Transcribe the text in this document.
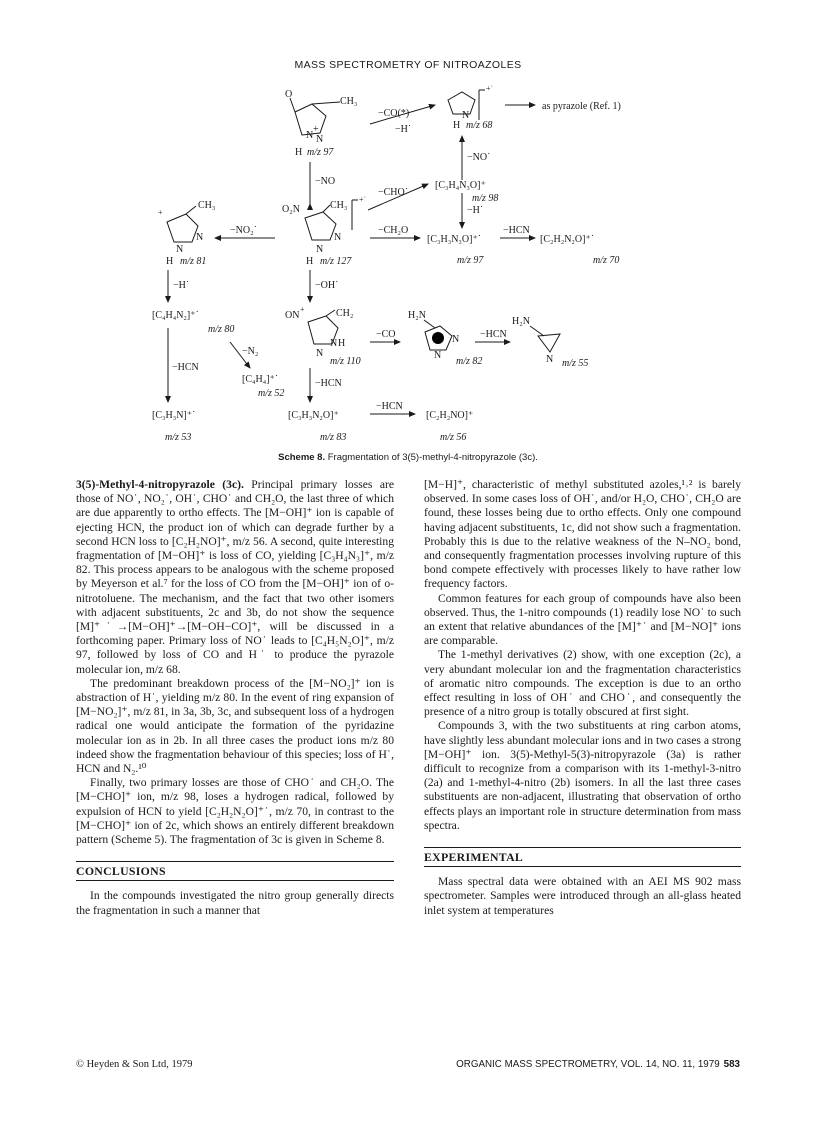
MASS SPECTROMETRY OF NITROAZOLES
O
CH₃
N
+
N
H m/z 97
−CO(*)
−H˙
+˙
N
H m/z 68
as pyrazole (Ref. 1)
−NO˙
−NO	[C₃H₄N₃O]⁺
m/z 98
−H˙
−CHO˙
O₂N	CH₃
+˙
N
N
H m/z 127
+
CH₃
N
N
H m/z 81
−NO₂˙	−CH₂O
[C₃H₃N₃O]⁺˙
−HCN
[C₂H₂N₂O]⁺˙
m/z 97	m/z 70
−H˙	−OH˙
[C₄H₄N₂]⁺˙
m/z 80
ON
+	CH₂
H
N
N
m/z 110
−CO
H₂N
+ N
N
m/z 82
−HCN
H₂N
N m/z 55
−N₂
−HCN
[C₄H₄]⁺˙
m/z 52
−HCN
[C₃H₃N]⁺˙	[C₃H₃N₂O]⁺
−HCN
[C₂H₂NO]⁺
m/z 53	m/z 83	m/z 56
Scheme 8. Fragmentation of 3(5)-methyl-4-nitropyrazole (3c).

3(5)-Methyl-4-nitropyrazole (3c). Principal primary losses are those of NO˙, NO₂˙, OH˙, CHO˙ and CH₂O, the last three of which are due apparently to ortho effects. The [M−OH]⁺ ion is capable of ejecting HCN, the product ion of which can degrade further by a second HCN loss to [C₂H₂NO]⁺, m/z 56. A second, quite interesting fragmentation of [M−OH]⁺ is loss of CO, yielding [C₃H₄N₃]⁺, m/z 82. This process appears to be analogous with the scheme proposed by Meyerson et al.⁷ for the loss of CO from the [M−OH]⁺ ion of o-nitrotoluene. The mechanism, and the fact that two other isomers with adjacent substituents, 2c and 3b, do not show the sequence [M]⁺˙→[M−OH]⁺→[M−OH−CO]⁺, will be discussed in a forthcoming paper. Primary loss of NO˙ leads to [C₄H₅N₂O]⁺, m/z 97, followed by loss of CO and H˙ to produce the pyrazole molecular ion, m/z 68.

The predominant breakdown process of the [M−NO₂]⁺ ion is abstraction of H˙, yielding m/z 80. In the event of ring expansion of [M−NO₂]⁺, m/z 81, in 3a, 3b, 3c, and subsequent loss of a hydrogen radical one would anticipate the formation of the pyridazine molecular ion as in 2b. In all three cases the product ions m/z 80 indeed show the fragmentation behaviour of this species; loss of H˙, HCN and N₂.¹⁰

Finally, two primary losses are those of CHO˙ and CH₂O. The [M−CHO]⁺ ion, m/z 98, loses a hydrogen radical, followed by expulsion of HCN to yield [C₂H₂N₂O]⁺˙, m/z 70, in contrast to the [M−CHO]⁺ ion of 2c, which shows an entirely different breakdown pattern (Scheme 5). The fragmentation of 3c is given in Scheme 8.

CONCLUSIONS

In the compounds investigated the nitro group generally directs the fragmentation in such a manner that

[M−H]⁺, characteristic of methyl substituted azoles,¹˒² is barely observed. In some cases loss of OH˙, and/or H₂O, CHO˙, CH₂O are found, these losses being due to ortho effects. Only one compound having adjacent substituents, 1c, did not show such a fragmentation. Probably this is due to the relative weakness of the N–NO₂ bond, and consequently fragmentation processes involving rupture of this bond compete effectively with processes likely to have rather low frequency factors.

Common features for each group of compounds have also been observed. Thus, the 1-nitro compounds (1) readily lose NO˙ to such an extent that relative abundances of the [M]⁺˙ and [M−NO]⁺ ions are comparable.

The 1-methyl derivatives (2) show, with one exception (2c), a very abundant molecular ion and the fragmentation characteristics of aromatic nitro compounds. The exception is due to an ortho effect resulting in loss of OH˙ and CHO˙, and consequently the presence of a nitro group is totally obscured at first sight.

Compounds 3, with the two substituents at ring carbon atoms, have slightly less abundant molecular ions and in two cases a strong [M−OH]⁺ ion. 3(5)-Methyl-5(3)-nitropyrazole (3a) is rather difficult to recognize from a comparison with its 1-methyl-3-nitro (2a) and 1-methyl-4-nitro (2b) isomers. In all the last three cases substituents are non-adjacent, illustrating that observation of ortho effects plays an important role in structure determination from mass spectra.

EXPERIMENTAL

Mass spectral data were obtained with an AEI MS 902 mass spectrometer. Samples were introduced through an all-glass heated inlet system at temperatures

© Heyden & Son Ltd, 1979	ORGANIC MASS SPECTROMETRY, VOL. 14, NO. 11, 1979 583
